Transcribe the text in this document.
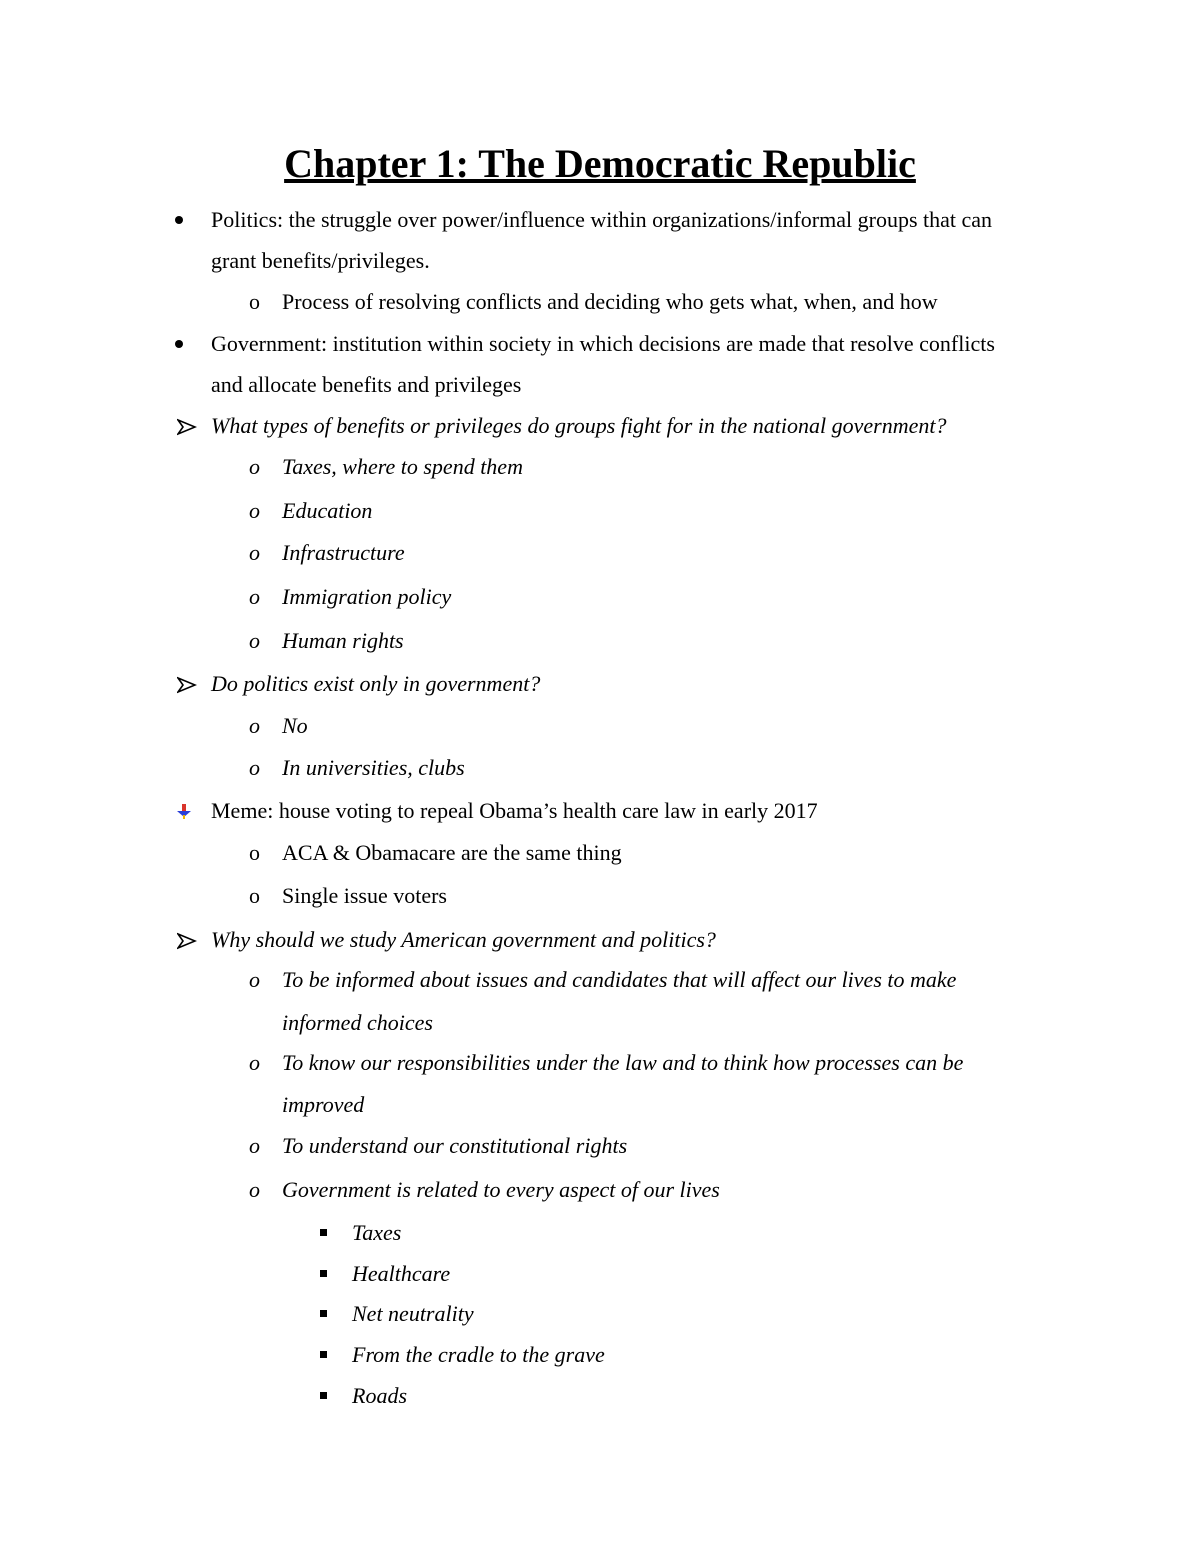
Chapter 1: The Democratic Republic
Politics: the struggle over power/influence within organizations/informal groups that can
grant benefits/privileges.
o Process of resolving conflicts and deciding who gets what, when, and how
Government: institution within society in which decisions are made that resolve conflicts
and allocate benefits and privileges
What types of benefits or privileges do groups fight for in the national government?
o Taxes, where to spend them
o Education
o Infrastructure
o Immigration policy
o Human rights
Do politics exist only in government?
o No
o In universities, clubs
Meme: house voting to repeal Obama’s health care law in early 2017
o ACA & Obamacare are the same thing
o Single issue voters
Why should we study American government and politics?
o To be informed about issues and candidates that will affect our lives to make
informed choices
o To know our responsibilities under the law and to think how processes can be
improved
o To understand our constitutional rights
o Government is related to every aspect of our lives
Taxes
Healthcare
Net neutrality
From the cradle to the grave
Roads
